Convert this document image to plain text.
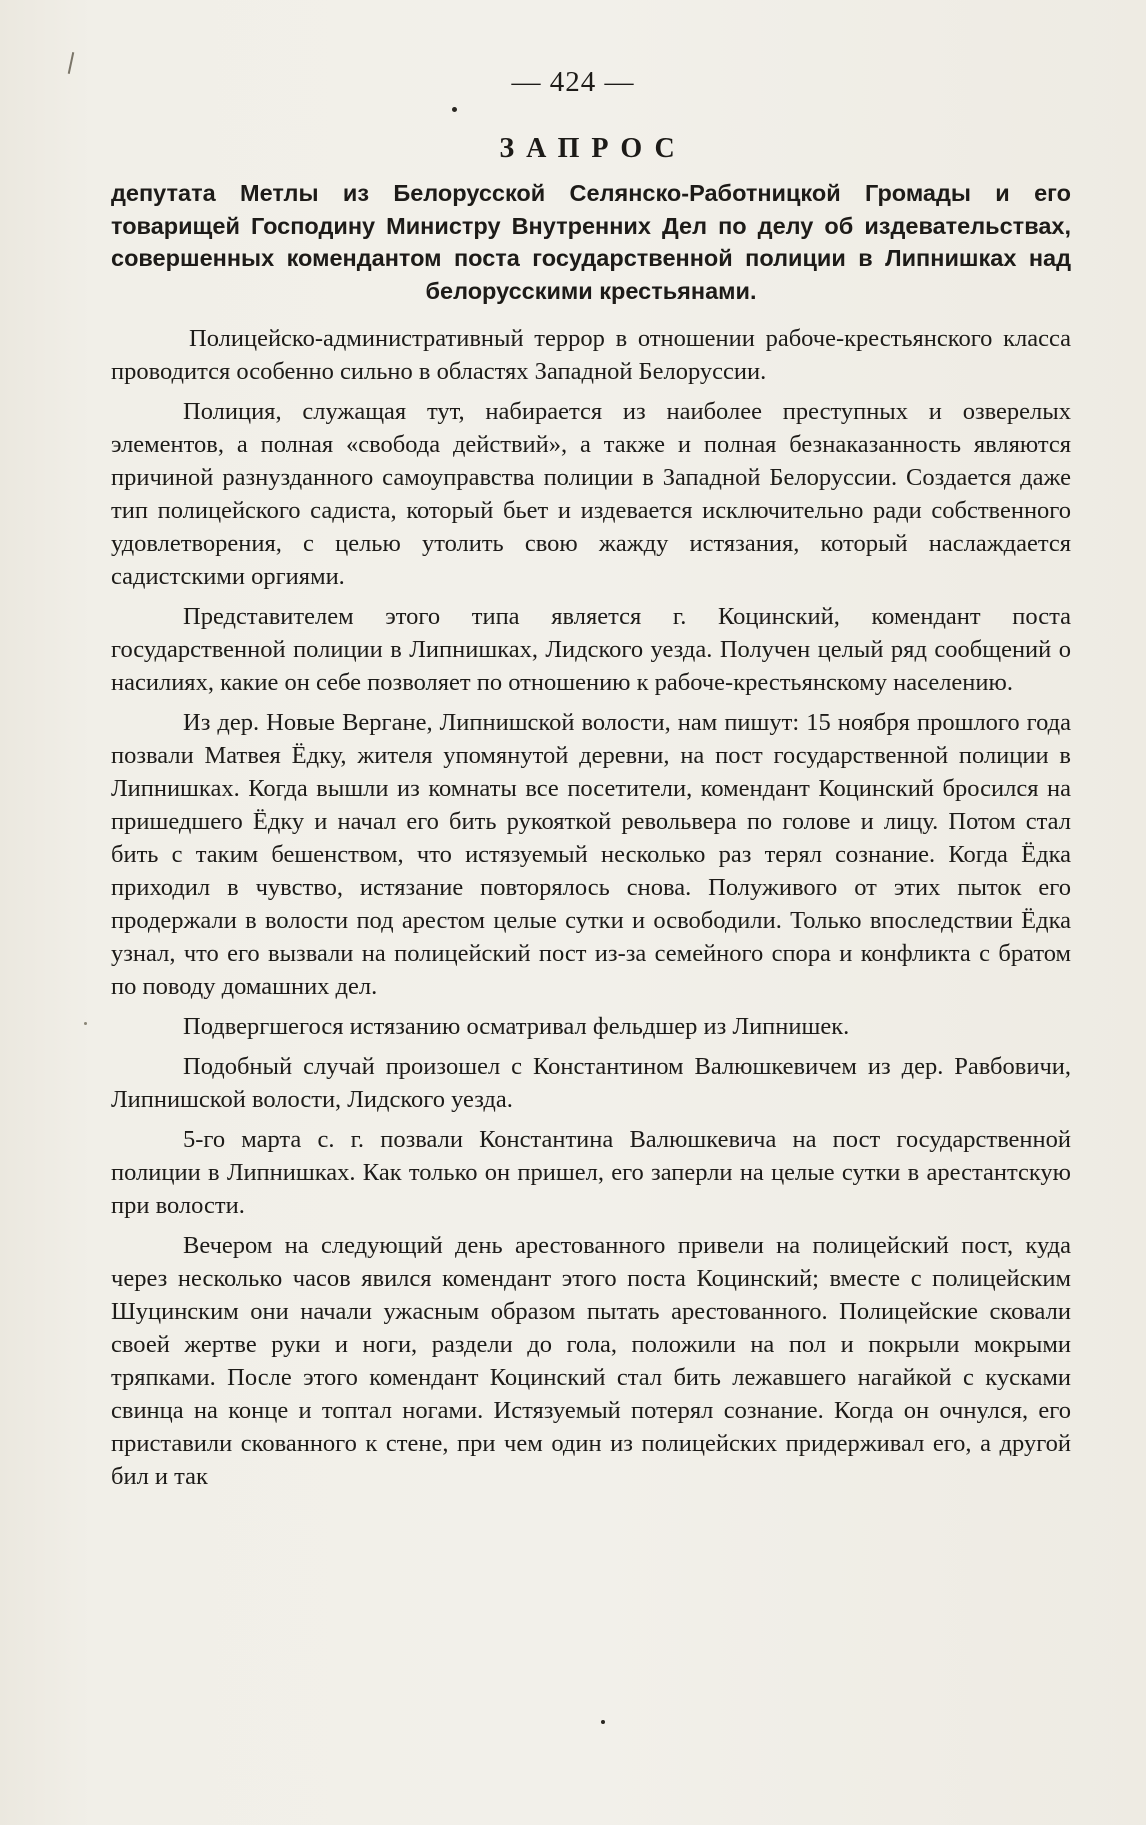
— 424 —
ЗАПРОС
депутата Метлы из Белорусской Селянско-Работницкой Громады и его товарищей Господину Министру Внутренних Дел по делу об издевательствах, совершенных комендантом поста государственной полиции в Липнишках над белорусскими крестьянами.

Полицейско-административный террор в отношении рабоче-крестьянского класса проводится особенно сильно в областях Западной Белоруссии.

Полиция, служащая тут, набирается из наиболее преступных и озверелых элементов, а полная «свобода действий», а также и полная безнаказанность являются причиной разнузданного самоуправства полиции в Западной Белоруссии. Создается даже тип полицейского садиста, который бьет и издевается исключительно ради собственного удовлетворения, с целью утолить свою жажду истязания, который наслаждается садистскими оргиями.

Представителем этого типа является г. Коцинский, комендант поста государственной полиции в Липнишках, Лидского уезда. Получен целый ряд сообщений о насилиях, какие он себе позволяет по отношению к рабоче-крестьянскому населению.

Из дер. Новые Вергане, Липнишской волости, нам пишут: 15 ноября прошлого года позвали Матвея Ёдку, жителя упомянутой деревни, на пост государственной полиции в Липнишках. Когда вышли из комнаты все посетители, комендант Коцинский бросился на пришедшего Ёдку и начал его бить рукояткой револьвера по голове и лицу. Потом стал бить с таким бешенством, что истязуемый несколько раз терял сознание. Когда Ёдка приходил в чувство, истязание повторялось снова. Полуживого от этих пыток его продержали в волости под арестом целые сутки и освободили. Только впоследствии Ёдка узнал, что его вызвали на полицейский пост из-за семейного спора и конфликта с братом по поводу домашних дел.

Подвергшегося истязанию осматривал фельдшер из Липнишек.

Подобный случай произошел с Константином Валюшкевичем из дер. Равбовичи, Липнишской волости, Лидского уезда.

5-го марта с. г. позвали Константина Валюшкевича на пост государственной полиции в Липнишках. Как только он пришел, его заперли на целые сутки в арестантскую при волости.

Вечером на следующий день арестованного привели на полицейский пост, куда через несколько часов явился комендант этого поста Коцинский; вместе с полицейским Шуцинским они начали ужасным образом пытать арестованного. Полицейские сковали своей жертве руки и ноги, раздели до гола, положили на пол и покрыли мокрыми тряпками. После этого комендант Коцинский стал бить лежавшего нагайкой с кусками свинца на конце и топтал ногами. Истязуемый потерял сознание. Когда он очнулся, его приставили скованного к стене, при чем один из полицейских придерживал его, а другой бил и так
